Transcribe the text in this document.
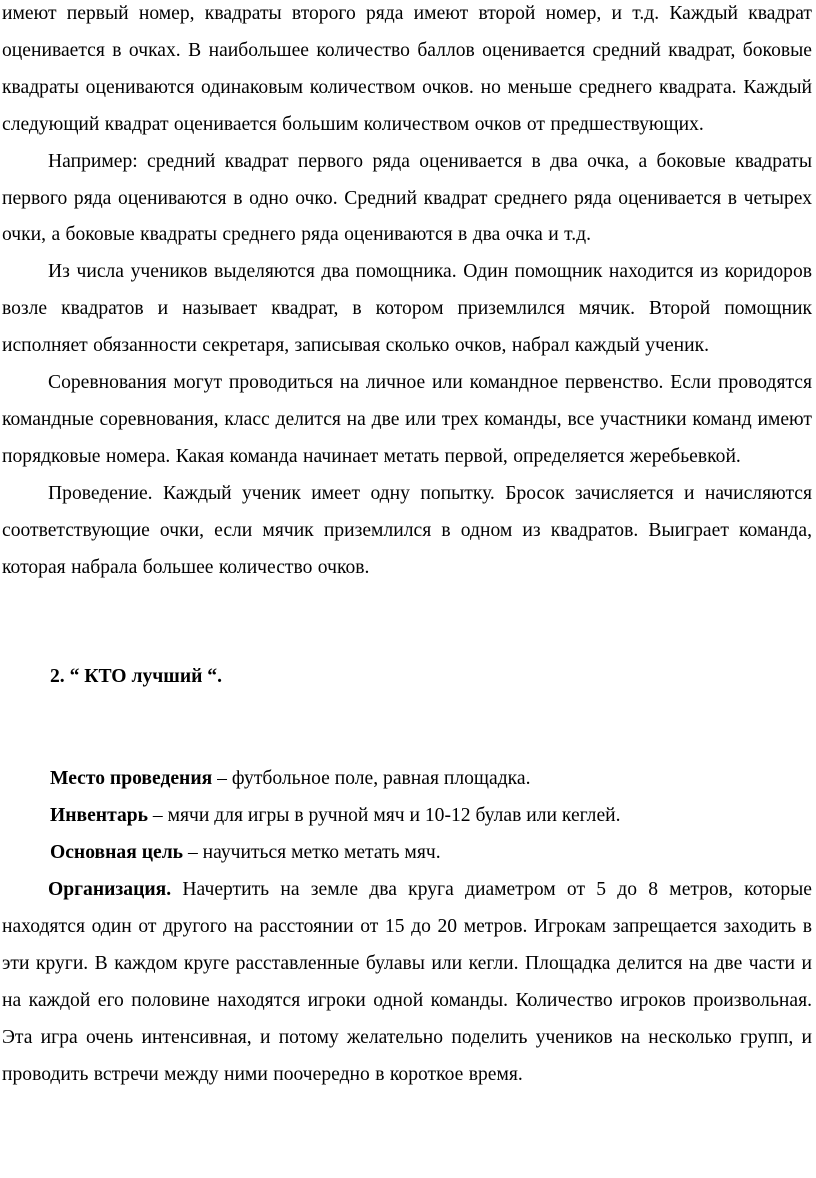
имеют первый номер, квадраты второго ряда имеют второй номер, и т.д. Каждый квадрат оценивается в очках. В наибольшее количество баллов оценивается средний квадрат, боковые квадраты оцениваются одинаковым количеством очков. но меньше среднего квадрата. Каждый следующий квадрат оценивается большим количеством очков от предшествующих.

Например: средний квадрат первого ряда оценивается в два очка, а боковые квадраты первого ряда оцениваются в одно очко. Средний квадрат среднего ряда оценивается в четырех очки, а боковые квадраты среднего ряда оцениваются в два очка и т.д.

Из числа учеников выделяются два помощника. Один помощник находится из коридоров возле квадратов и называет квадрат, в котором приземлился мячик. Второй помощник исполняет обязанности секретаря, записывая сколько очков, набрал каждый ученик.

Соревнования могут проводиться на личное или командное первенство. Если проводятся командные соревнования, класс делится на две или трех команды, все участники команд имеют порядковые номера. Какая команда начинает метать первой, определяется жеребьевкой.

Проведение. Каждый ученик имеет одну попытку. Бросок зачисляется и начисляются соответствующие очки, если мячик приземлился в одном из квадратов. Выиграет команда, которая набрала большее количество очков.

2. “ КТО лучший “.

Место проведения – футбольное поле, равная площадка.

Инвентарь – мячи для игры в ручной мяч и 10-12 булав или кеглей.

Основная цель – научиться метко метать мяч.

Организация. Начертить на земле два круга диаметром от 5 до 8 метров, которые находятся один от другого на расстоянии от 15 до 20 метров. Игрокам запрещается заходить в эти круги. В каждом круге расставленные булавы или кегли. Площадка делится на две части и на каждой его половине находятся игроки одной команды. Количество игроков произвольная. Эта игра очень интенсивная, и потому желательно поделить учеников на несколько групп, и проводить встречи между ними поочередно в короткое время.
